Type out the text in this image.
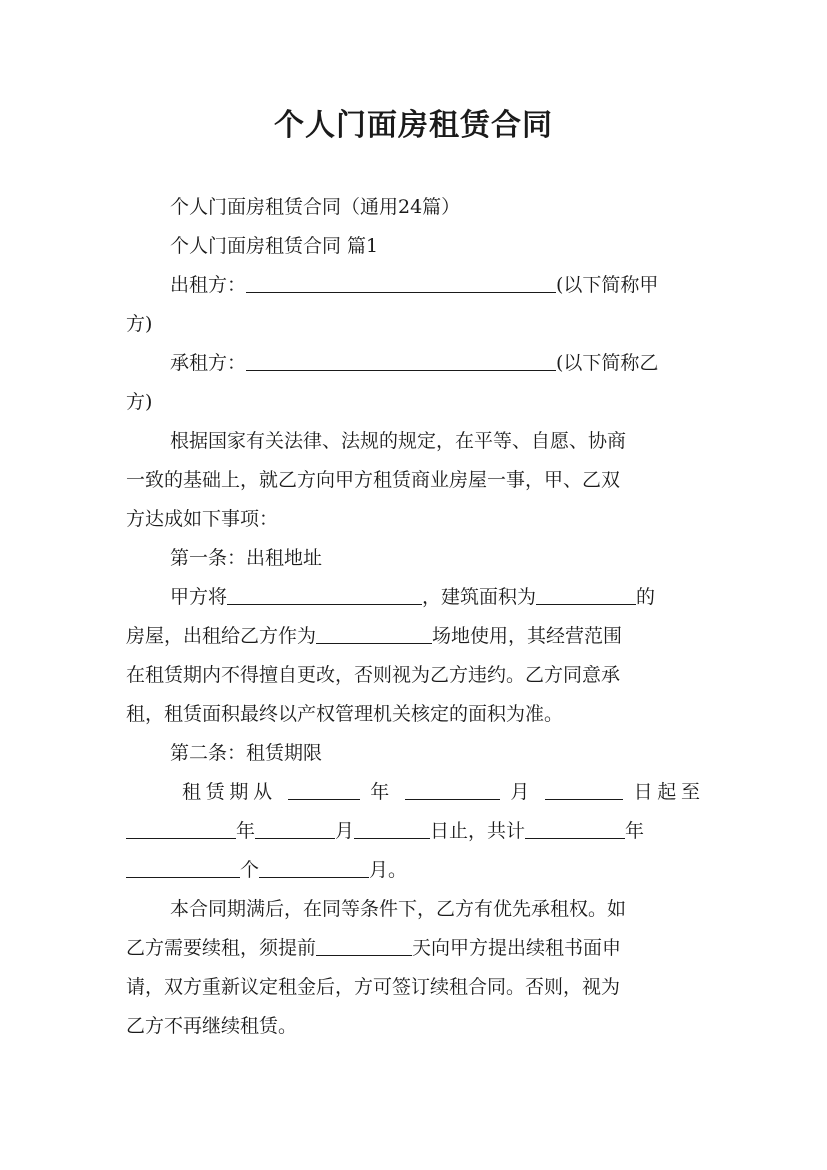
个人门面房租赁合同
个人门面房租赁合同（通用24篇）
个人门面房租赁合同 篇1
出租方：	(以下简称甲
方)
承租方：	(以下简称乙
方)
根据国家有关法律、法规的规定，在平等、自愿、协商
一致的基础上，就乙方向甲方租赁商业房屋一事，甲、乙双
方达成如下事项：
第一条：出租地址
甲方将	，建筑面积为	的
房屋，出租给乙方作为	场地使用，其经营范围
在租赁期内不得擅自更改，否则视为乙方违约。乙方同意承
租，租赁面积最终以产权管理机关核定的面积为准。
第二条：租赁期限
租赁期从	年	月	日起至
年	月	日止，共计	年
个	月。
本合同期满后，在同等条件下，乙方有优先承租权。如
乙方需要续租，须提前	天向甲方提出续租书面申
请，双方重新议定租金后，方可签订续租合同。否则，视为
乙方不再继续租赁。
